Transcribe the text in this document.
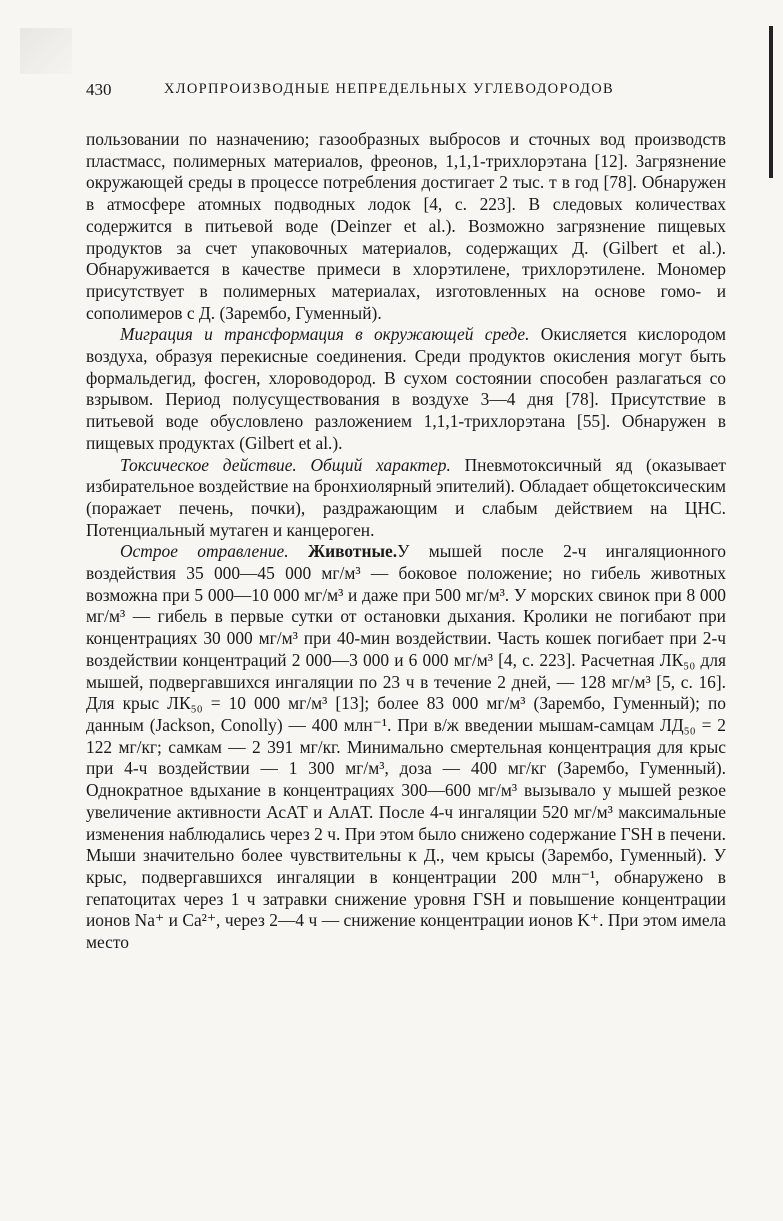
430	ХЛОРПРОИЗВОДНЫЕ НЕПРЕДЕЛЬНЫХ УГЛЕВОДОРОДОВ

пользовании по назначению; газообразных выбросов и сточных вод производств пластмасс, полимерных материалов, фреонов, 1,1,1-трихлорэтана [12]. Загрязнение окружающей среды в процессе потребления достигает 2 тыс. т в год [78]. Обнаружен в атмосфере атомных подводных лодок [4, с. 223]. В следовых количествах содержится в питьевой воде (Deinzer et al.). Возможно загрязнение пищевых продуктов за счет упаковочных материалов, содержащих Д. (Gilbert et al.). Обнаруживается в качестве примеси в хлорэтилене, трихлорэтилене. Мономер присутствует в полимерных материалах, изготовленных на основе гомо- и сополимеров с Д. (Зарембо, Гуменный).

Миграция и трансформация в окружающей среде. Окисляется кислородом воздуха, образуя перекисные соединения. Среди продуктов окисления могут быть формальдегид, фосген, хлороводород. В сухом состоянии способен разлагаться со взрывом. Период полусуществования в воздухе 3—4 дня [78]. Присутствие в питьевой воде обусловлено разложением 1,1,1-трихлорэтана [55]. Обнаружен в пищевых продуктах (Gilbert et al.).

Токсическое действие. Общий характер. Пневмотоксичный яд (оказывает избирательное воздействие на бронхиолярный эпителий). Обладает общетоксическим (поражает печень, почки), раздражающим и слабым действием на ЦНС. Потенциальный мутаген и канцероген.

Острое отравление. Животные.У мышей после 2-ч ингаляционного воздействия 35 000—45 000 мг/м³ — боковое положение; но гибель животных возможна при 5 000—10 000 мг/м³ и даже при 500 мг/м³. У морских свинок при 8 000 мг/м³ — гибель в первые сутки от остановки дыхания. Кролики не погибают при концентрациях 30 000 мг/м³ при 40-мин воздействии. Часть кошек погибает при 2-ч воздействии концентраций 2 000—3 000 и 6 000 мг/м³ [4, с. 223]. Расчетная ЛК₅₀ для мышей, подвергавшихся ингаляции по 23 ч в течение 2 дней, — 128 мг/м³ [5, с. 16]. Для крыс ЛК₅₀ = 10 000 мг/м³ [13]; более 83 000 мг/м³ (Зарембо, Гуменный); по данным (Jackson, Conolly) — 400 млн⁻¹. При в/ж введении мышам-самцам ЛД₅₀ = 2 122 мг/кг; самкам — 2 391 мг/кг. Минимально смертельная концентрация для крыс при 4-ч воздействии — 1 300 мг/м³, доза — 400 мг/кг (Зарембо, Гуменный). Однократное вдыхание в концентрациях 300—600 мг/м³ вызывало у мышей резкое увеличение активности АсАТ и АлАТ. После 4-ч ингаляции 520 мг/м³ максимальные изменения наблюдались через 2 ч. При этом было снижено содержание ГSH в печени. Мыши значительно более чувствительны к Д., чем крысы (Зарембо, Гуменный). У крыс, подвергавшихся ингаляции в концентрации 200 млн⁻¹, обнаружено в гепатоцитах через 1 ч затравки снижение уровня ГSH и повышение концентрации ионов Na⁺ и Ca²⁺, через 2—4 ч — снижение концентрации ионов K⁺. При этом имела место
